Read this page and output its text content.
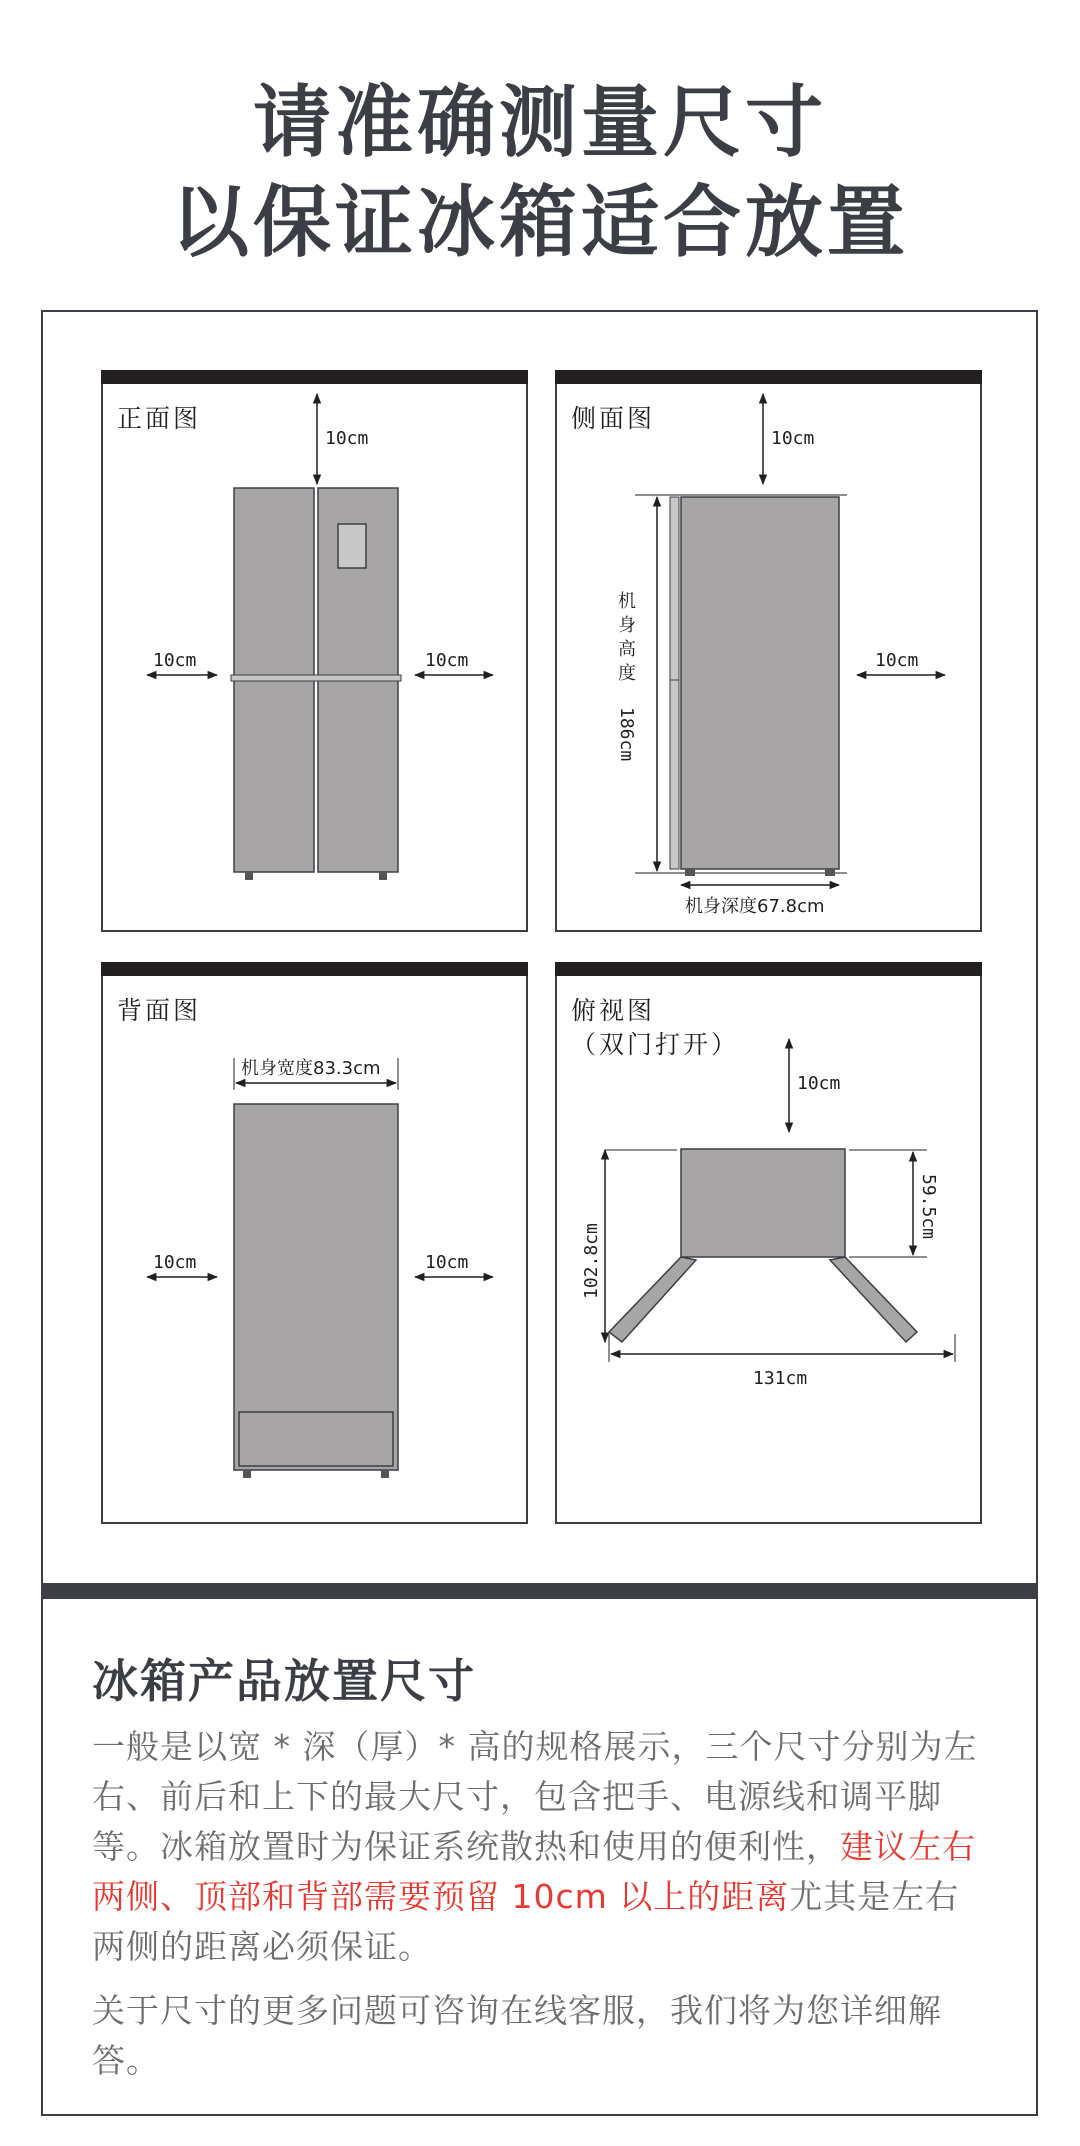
请准确测量尺寸
以保证冰箱适合放置

正面图

10cm
10cm	10cm

侧面图

10cm
机身高度
186cm
机身深度67.8cm
10cm

背面图

机身宽度83.3cm
10cm	10cm

俯视图
（双门打开）

10cm
102.8cm
59.5cm
131cm
冰箱产品放置尺寸

一般是以宽 * 深（厚）* 高的规格展示，三个尺寸分别为左右、前后和上下的最大尺寸，包含把手、电源线和调平脚等。冰箱放置时为保证系统散热和使用的便利性，建议左右两侧、顶部和背部需要预留 10cm 以上的距离尤其是左右两侧的距离必须保证。

关于尺寸的更多问题可咨询在线客服，我们将为您详细解答。
